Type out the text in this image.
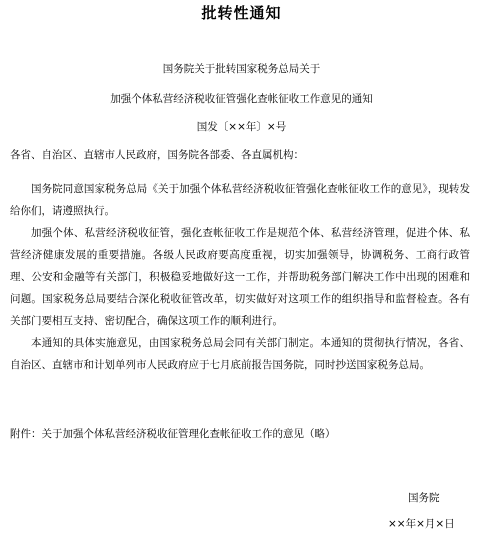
批转性通知
国务院关于批转国家税务总局关于
加强个体私营经济税收征管强化查帐征收工作意见的通知
国发〔××年〕×号
各省、自治区、直辖市人民政府，国务院各部委、各直属机构：
国务院同意国家税务总局《关于加强个体私营经济税收征管强化查帐征收工作的意见》，现转发给你们，请遵照执行。
加强个体、私营经济税收征管，强化查帐征收工作是规范个体、私营经济管理，促进个体、私营经济健康发展的重要措施。各级人民政府要高度重视，切实加强领导，协调税务、工商行政管理、公安和金融等有关部门，积极稳妥地做好这一工作，并帮助税务部门解决工作中出现的困难和问题。国家税务总局要结合深化税收征管改革，切实做好对这项工作的组织指导和监督检查。各有关部门要相互支持、密切配合，确保这项工作的顺利进行。
本通知的具体实施意见，由国家税务总局会同有关部门制定。本通知的贯彻执行情况，各省、自治区、直辖市和计划单列市人民政府应于七月底前报告国务院，同时抄送国家税务总局。
附件：关于加强个体私营经济税收征管理化查帐征收工作的意见（略）
国务院
××年×月×日
